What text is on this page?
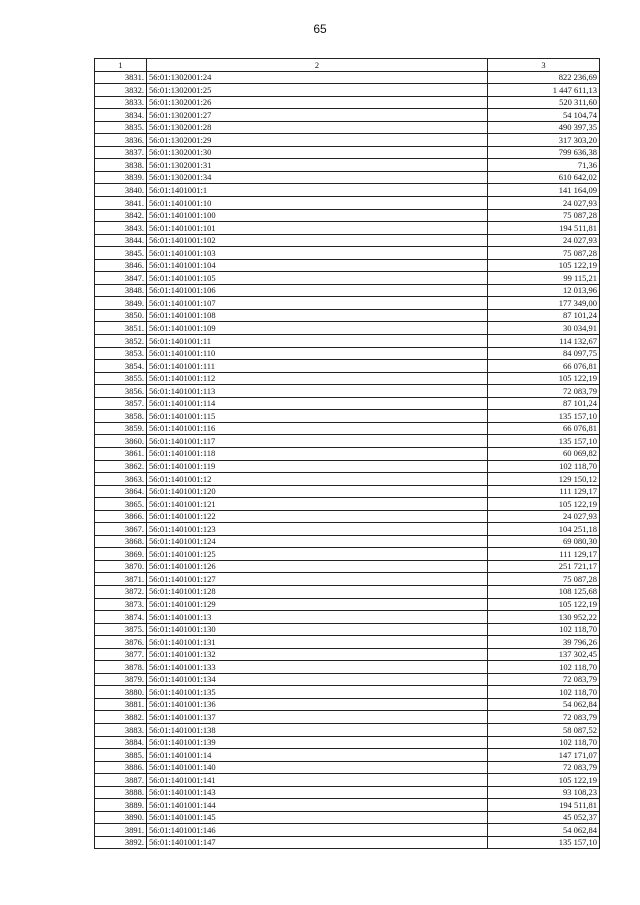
65
1	2	3
3831.	56:01:1302001:24	822 236,69
3832.	56:01:1302001:25	1 447 611,13
3833.	56:01:1302001:26	520 311,60
3834.	56:01:1302001:27	54 104,74
3835.	56:01:1302001:28	490 397,35
3836.	56:01:1302001:29	317 303,20
3837.	56:01:1302001:30	799 636,38
3838.	56:01:1302001:31	71,36
3839.	56:01:1302001:34	610 642,02
3840.	56:01:1401001:1	141 164,09
3841.	56:01:1401001:10	24 027,93
3842.	56:01:1401001:100	75 087,28
3843.	56:01:1401001:101	194 511,81
3844.	56:01:1401001:102	24 027,93
3845.	56:01:1401001:103	75 087,28
3846.	56:01:1401001:104	105 122,19
3847.	56:01:1401001:105	99 115,21
3848.	56:01:1401001:106	12 013,96
3849.	56:01:1401001:107	177 349,00
3850.	56:01:1401001:108	87 101,24
3851.	56:01:1401001:109	30 034,91
3852.	56:01:1401001:11	114 132,67
3853.	56:01:1401001:110	84 097,75
3854.	56:01:1401001:111	66 076,81
3855.	56:01:1401001:112	105 122,19
3856.	56:01:1401001:113	72 083,79
3857.	56:01:1401001:114	87 101,24
3858.	56:01:1401001:115	135 157,10
3859.	56:01:1401001:116	66 076,81
3860.	56:01:1401001:117	135 157,10
3861.	56:01:1401001:118	60 069,82
3862.	56:01:1401001:119	102 118,70
3863.	56:01:1401001:12	129 150,12
3864.	56:01:1401001:120	111 129,17
3865.	56:01:1401001:121	105 122,19
3866.	56:01:1401001:122	24 027,93
3867.	56:01:1401001:123	104 251,18
3868.	56:01:1401001:124	69 080,30
3869.	56:01:1401001:125	111 129,17
3870.	56:01:1401001:126	251 721,17
3871.	56:01:1401001:127	75 087,28
3872.	56:01:1401001:128	108 125,68
3873.	56:01:1401001:129	105 122,19
3874.	56:01:1401001:13	130 952,22
3875.	56:01:1401001:130	102 118,70
3876.	56:01:1401001:131	39 796,26
3877.	56:01:1401001:132	137 302,45
3878.	56:01:1401001:133	102 118,70
3879.	56:01:1401001:134	72 083,79
3880.	56:01:1401001:135	102 118,70
3881.	56:01:1401001:136	54 062,84
3882.	56:01:1401001:137	72 083,79
3883.	56:01:1401001:138	58 087,52
3884.	56:01:1401001:139	102 118,70
3885.	56:01:1401001:14	147 171,07
3886.	56:01:1401001:140	72 083,79
3887.	56:01:1401001:141	105 122,19
3888.	56:01:1401001:143	93 108,23
3889.	56:01:1401001:144	194 511,81
3890.	56:01:1401001:145	45 052,37
3891.	56:01:1401001:146	54 062,84
3892.	56:01:1401001:147	135 157,10
